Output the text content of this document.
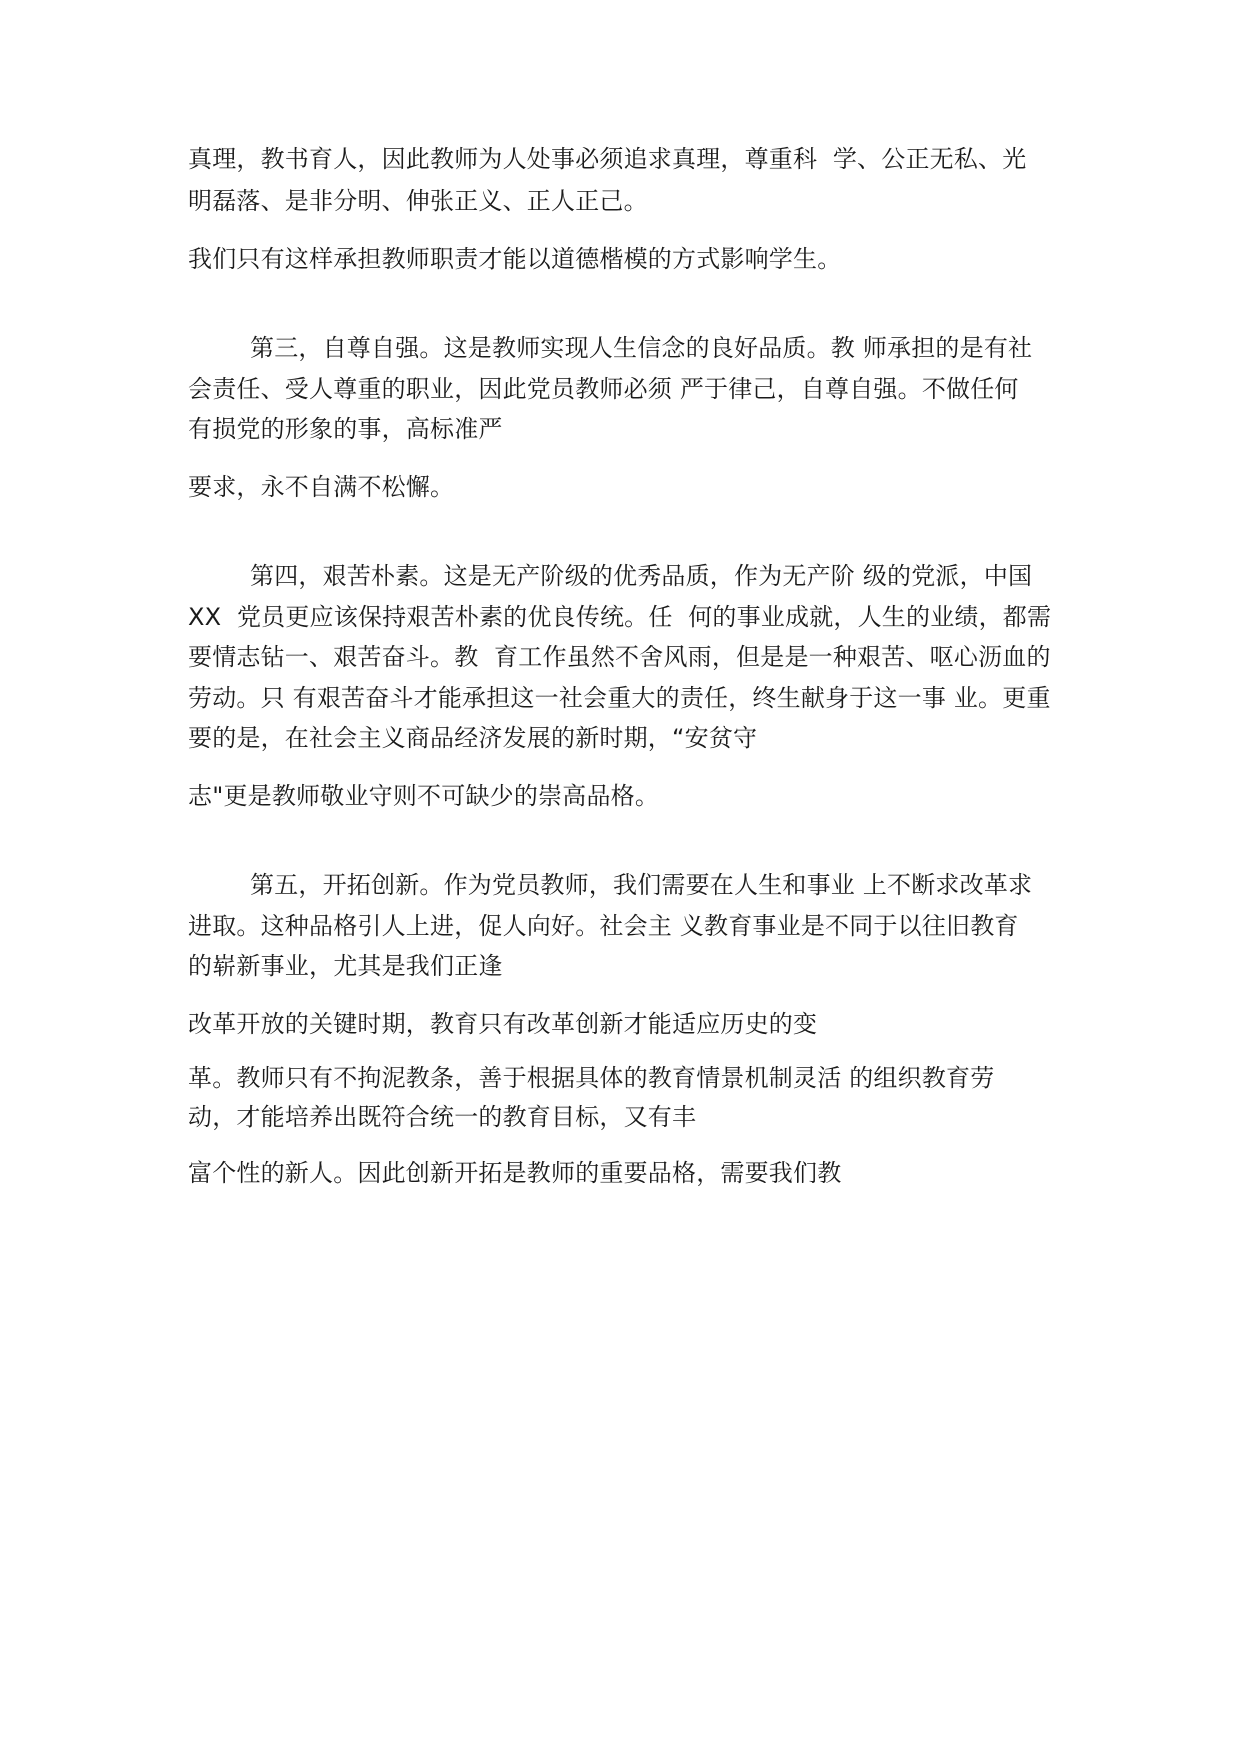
真理，教书育人，因此教师为人处事必须追求真理，尊重科  学、公正无私、光
明磊落、是非分明、伸张正义、正人正己。
我们只有这样承担教师职责才能以道德楷模的方式影响学生。
第三，自尊自强。这是教师实现人生信念的良好品质。教 师承担的是有社
会责任、受人尊重的职业，因此党员教师必须 严于律己，自尊自强。不做任何
有损党的形象的事，高标准严
要求，永不自满不松懈。
第四，艰苦朴素。这是无产阶级的优秀品质，作为无产阶 级的党派，中国
XX  党员更应该保持艰苦朴素的优良传统。任  何的事业成就，人生的业绩，都需
要情志钻一、艰苦奋斗。教  育工作虽然不舍风雨，但是是一种艰苦、呕心沥血的
劳动。只 有艰苦奋斗才能承担这一社会重大的责任，终生献身于这一事 业。更重
要的是，在社会主义商品经济发展的新时期，“安贫守
志"更是教师敬业守则不可缺少的崇高品格。
第五，开拓创新。作为党员教师，我们需要在人生和事业 上不断求改革求
进取。这种品格引人上进，促人向好。社会主 义教育事业是不同于以往旧教育
的崭新事业，尤其是我们正逢
改革开放的关键时期，教育只有改革创新才能适应历史的变
革。教师只有不拘泥教条，善于根据具体的教育情景机制灵活 的组织教育劳
动，才能培养出既符合统一的教育目标，又有丰
富个性的新人。因此创新开拓是教师的重要品格，需要我们教
